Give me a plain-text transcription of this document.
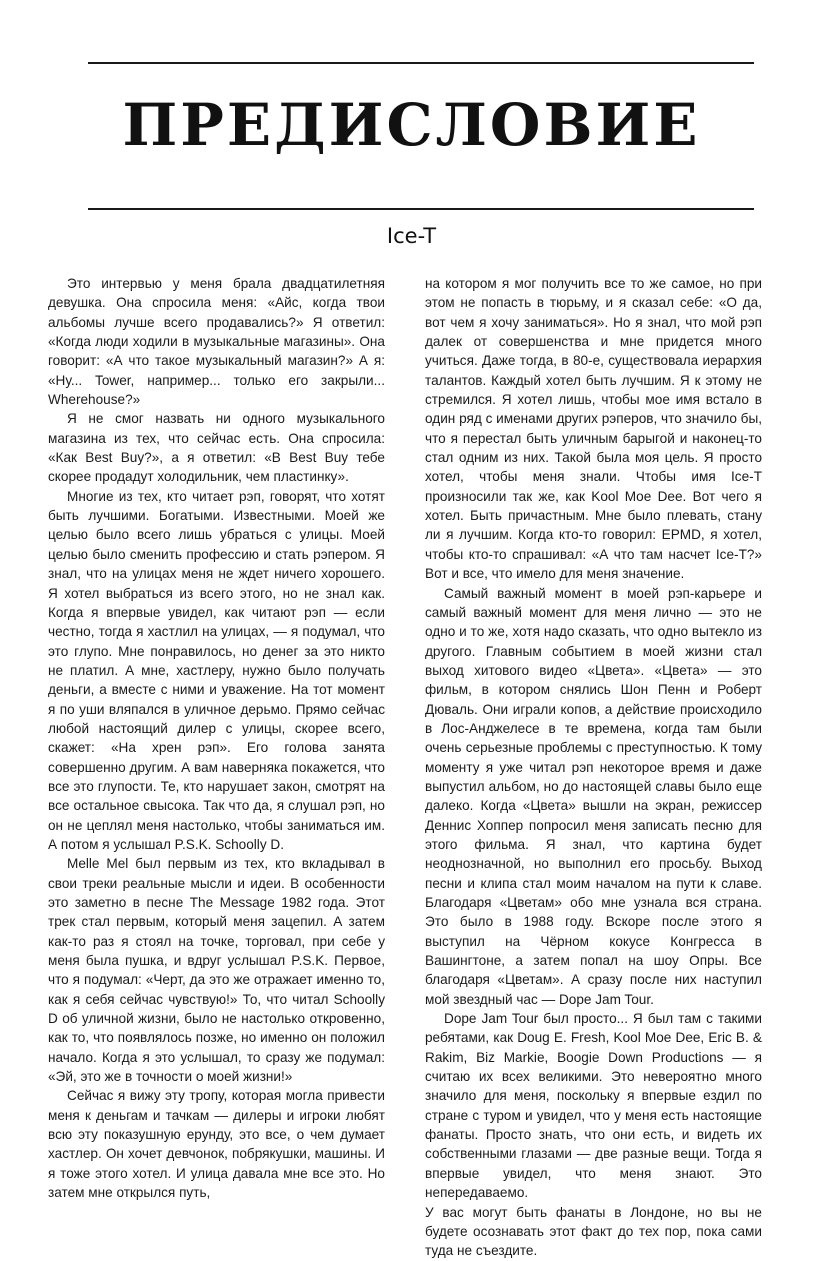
ПРЕДИСЛОВИЕ
Ice-T

Это интервью у меня брала двадцатилетняя девушка. Она спросила меня: «Айс, когда твои альбомы лучше всего продавались?» Я ответил: «Когда люди ходили в музыкальные магазины». Она говорит: «А что такое музыкальный магазин?» А я: «Ну... Tower, например... только его закрыли... Wherehouse?»

Я не смог назвать ни одного музыкального магазина из тех, что сейчас есть. Она спросила: «Как Best Buy?», а я ответил: «В Best Buy тебе скорее продадут холодильник, чем пластинку».

Многие из тех, кто читает рэп, говорят, что хотят быть лучшими. Богатыми. Известными. Моей же целью было всего лишь убраться с улицы. Моей целью было сменить профессию и стать рэпером. Я знал, что на улицах меня не ждет ничего хорошего. Я хотел выбраться из всего этого, но не знал как. Когда я впервые увидел, как читают рэп — если честно, тогда я хастлил на улицах, — я подумал, что это глупо. Мне понравилось, но денег за это никто не платил. А мне, хастлеру, нужно было получать деньги, а вместе с ними и уважение. На тот момент я по уши вляпался в уличное дерьмо. Прямо сейчас любой настоящий дилер с улицы, скорее всего, скажет: «На хрен рэп». Его голова занята совершенно другим. А вам наверняка покажется, что все это глупости. Те, кто нарушает закон, смотрят на все остальное свысока. Так что да, я слушал рэп, но он не цеплял меня настолько, чтобы заниматься им. А потом я услышал P.S.K. Schoolly D.

Melle Mel был первым из тех, кто вкладывал в свои треки реальные мысли и идеи. В особенности это заметно в песне The Message 1982 года. Этот трек стал первым, который меня зацепил. А затем как-то раз я стоял на точке, торговал, при себе у меня была пушка, и вдруг услышал P.S.K. Первое, что я подумал: «Черт, да это же отражает именно то, как я себя сейчас чувствую!» То, что читал Schoolly D об уличной жизни, было не настолько откровенно, как то, что появлялось позже, но именно он положил начало. Когда я это услышал, то сразу же подумал: «Эй, это же в точности о моей жизни!»

Сейчас я вижу эту тропу, которая могла привести меня к деньгам и тачкам — дилеры и игроки любят всю эту показушную ерунду, это все, о чем думает хастлер. Он хочет девчонок, побрякушки, машины. И я тоже этого хотел. И улица давала мне все это. Но затем мне открылся путь,

на котором я мог получить все то же самое, но при этом не попасть в тюрьму, и я сказал себе: «О да, вот чем я хочу заниматься». Но я знал, что мой рэп далек от совершенства и мне придется много учиться. Даже тогда, в 80-е, существовала иерархия талантов. Каждый хотел быть лучшим. Я к этому не стремился. Я хотел лишь, чтобы мое имя встало в один ряд с именами других рэперов, что значило бы, что я перестал быть уличным барыгой и наконец-то стал одним из них. Такой была моя цель. Я просто хотел, чтобы меня знали. Чтобы имя Ice-T произносили так же, как Kool Moe Dee. Вот чего я хотел. Быть причастным. Мне было плевать, стану ли я лучшим. Когда кто-то говорил: EPMD, я хотел, чтобы кто-то спрашивал: «А что там насчет Ice-T?» Вот и все, что имело для меня значение.

Самый важный момент в моей рэп-карьере и самый важный момент для меня лично — это не одно и то же, хотя надо сказать, что одно вытекло из другого. Главным событием в моей жизни стал выход хитового видео «Цвета». «Цвета» — это фильм, в котором снялись Шон Пенн и Роберт Дюваль. Они играли копов, а действие происходило в Лос-Анджелесе в те времена, когда там были очень серьезные проблемы с преступностью. К тому моменту я уже читал рэп некоторое время и даже выпустил альбом, но до настоящей славы было еще далеко. Когда «Цвета» вышли на экран, режиссер Деннис Хоппер попросил меня записать песню для этого фильма. Я знал, что картина будет неоднозначной, но выполнил его просьбу. Выход песни и клипа стал моим началом на пути к славе. Благодаря «Цветам» обо мне узнала вся страна. Это было в 1988 году. Вскоре после этого я выступил на Чёрном кокусе Конгресса в Вашингтоне, а затем попал на шоу Опры. Все благодаря «Цветам». А сразу после них наступил мой звездный час — Dope Jam Tour.

Dope Jam Tour был просто... Я был там с такими ребятами, как Doug E. Fresh, Kool Moe Dee, Eric B. & Rakim, Biz Markie, Boogie Down Productions — я считаю их всех великими. Это невероятно много значило для меня, поскольку я впервые ездил по стране с туром и увидел, что у меня есть настоящие фанаты. Просто знать, что они есть, и видеть их собственными глазами — две разные вещи. Тогда я впервые увидел, что меня знают. Это непередаваемо.

У вас могут быть фанаты в Лондоне, но вы не будете осознавать этот факт до тех пор, пока сами туда не съездите.
